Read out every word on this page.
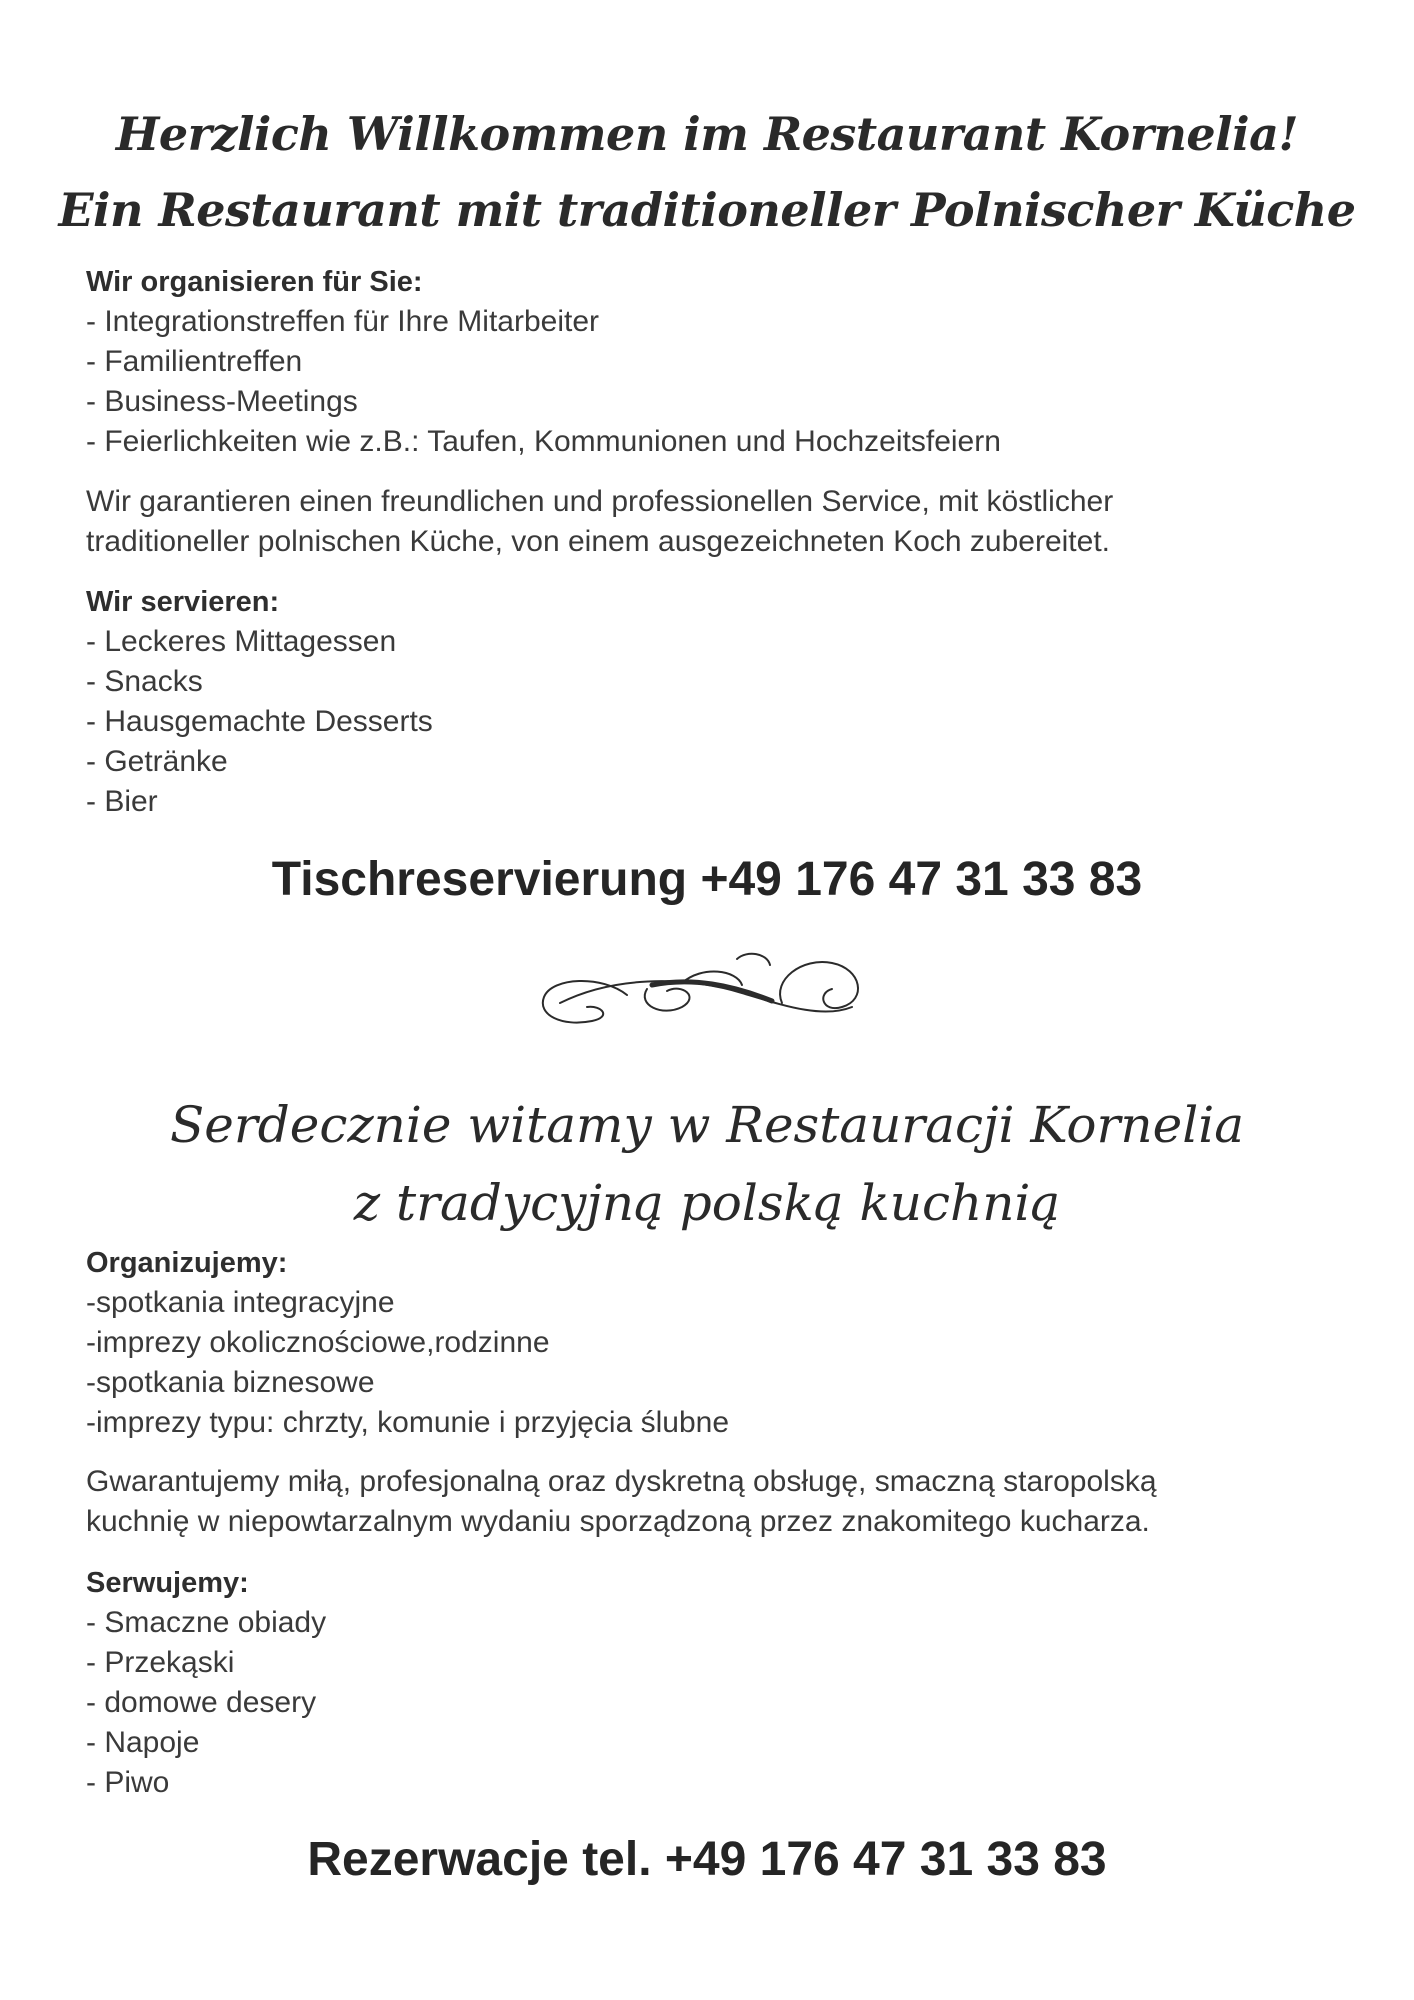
Herzlich Willkommen im Restaurant Kornelia!
Ein Restaurant mit traditioneller Polnischer Küche
Wir organisieren für Sie:
- Integrationstreffen für Ihre Mitarbeiter
- Familientreffen
- Business-Meetings
- Feierlichkeiten wie z.B.: Taufen, Kommunionen und Hochzeitsfeiern

Wir garantieren einen freundlichen und professionellen Service, mit köstlicher

traditioneller polnischen Küche, von einem ausgezeichneten Koch zubereitet.

Wir servieren:
- Leckeres Mittagessen
- Snacks
- Hausgemachte Desserts
- Getränke
- Bier
Tischreservierung +49 176 47 31 33 83
Serdecznie witamy w Restauracji Kornelia
z tradycyjną polską kuchnią
Organizujemy:
-spotkania integracyjne
-imprezy okolicznościowe,rodzinne
-spotkania biznesowe
-imprezy typu: chrzty, komunie i przyjęcia ślubne

Gwarantujemy miłą, profesjonalną oraz dyskretną obsługę, smaczną staropolską

kuchnię w niepowtarzalnym wydaniu sporządzoną przez znakomitego kucharza.

Serwujemy:
- Smaczne obiady
- Przekąski
- domowe desery
- Napoje
- Piwo
Rezerwacje tel. +49 176 47 31 33 83
